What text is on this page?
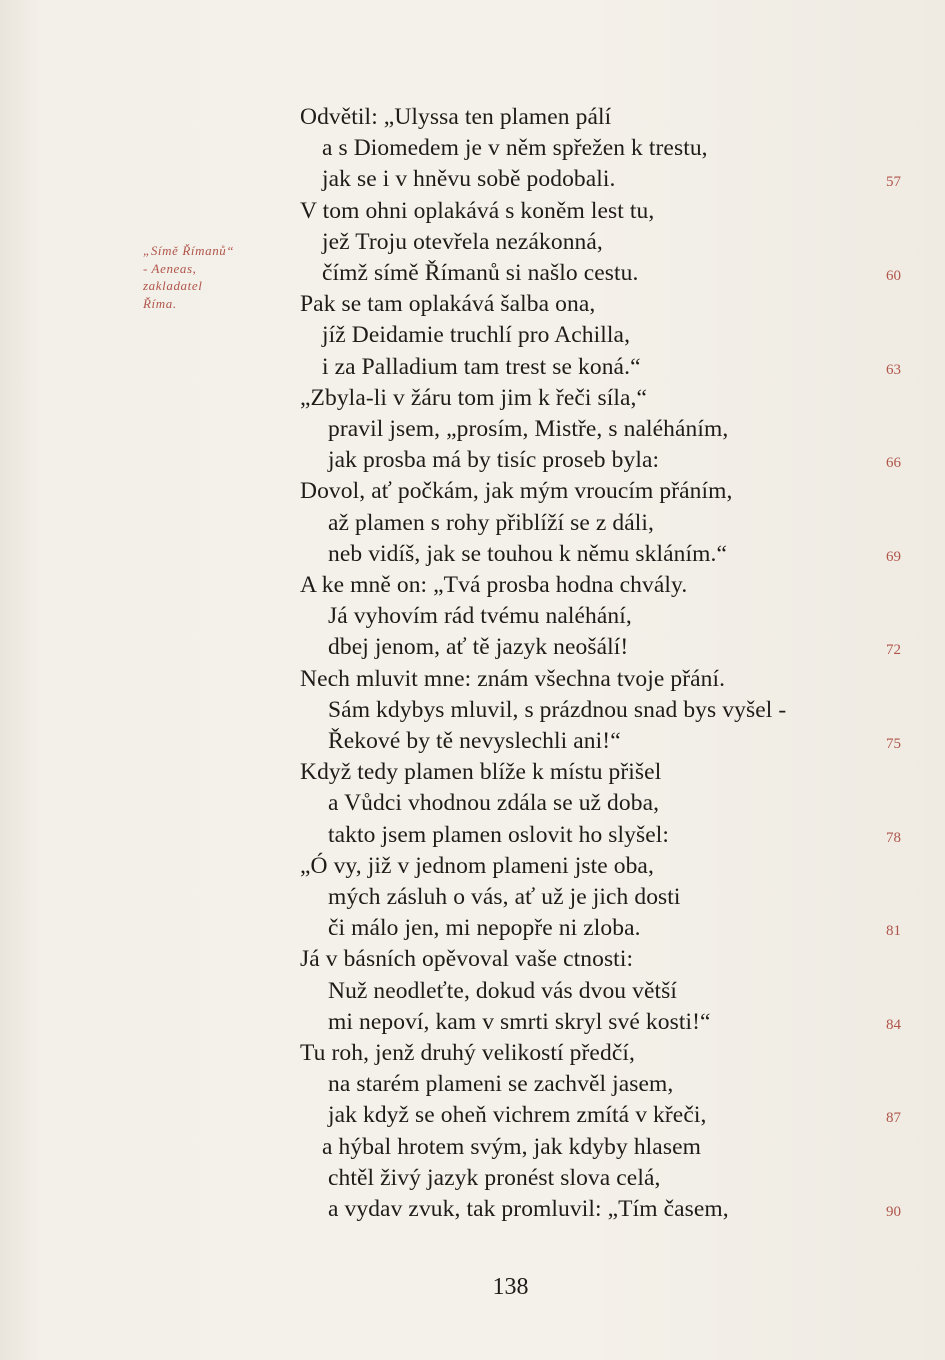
„Símě Římanů“
- Aeneas,
zakladatel
Říma.
Odvětil: „Ulyssa ten plamen pálí
a s Diomedem je v něm spřežen k trestu,
jak se i v hněvu sobě podobali.	57
V tom ohni oplakává s koněm lest tu,
jež Troju otevřela nezákonná,
čímž símě Římanů si našlo cestu.	60
Pak se tam oplakává šalba ona,
jíž Deidamie truchlí pro Achilla,
i za Palladium tam trest se koná.“	63
„Zbyla-li v žáru tom jim k řeči síla,“
pravil jsem, „prosím, Mistře, s naléháním,
jak prosba má by tisíc proseb byla:	66
Dovol, ať počkám, jak mým vroucím přáním,
až plamen s rohy přiblíží se z dáli,
neb vidíš, jak se touhou k němu skláním.“	69
A ke mně on: „Tvá prosba hodna chvály.
Já vyhovím rád tvému naléhání,
dbej jenom, ať tě jazyk neošálí!	72
Nech mluvit mne: znám všechna tvoje přání.
Sám kdybys mluvil, s prázdnou snad bys vyšel -
Řekové by tě nevyslechli ani!“	75
Když tedy plamen blíže k místu přišel
a Vůdci vhodnou zdála se už doba,
takto jsem plamen oslovit ho slyšel:	78
„Ó vy, již v jednom plameni jste oba,
mých zásluh o vás, ať už je jich dosti
či málo jen, mi nepopře ni zloba.	81
Já v básních opěvoval vaše ctnosti:
Nuž neodleťte, dokud vás dvou větší
mi nepoví, kam v smrti skryl své kosti!“	84
Tu roh, jenž druhý velikostí předčí,
na starém plameni se zachvěl jasem,
jak když se oheň vichrem zmítá v křeči,	87
a hýbal hrotem svým, jak kdyby hlasem
chtěl živý jazyk pronést slova celá,
a vydav zvuk, tak promluvil: „Tím časem,	90
138
